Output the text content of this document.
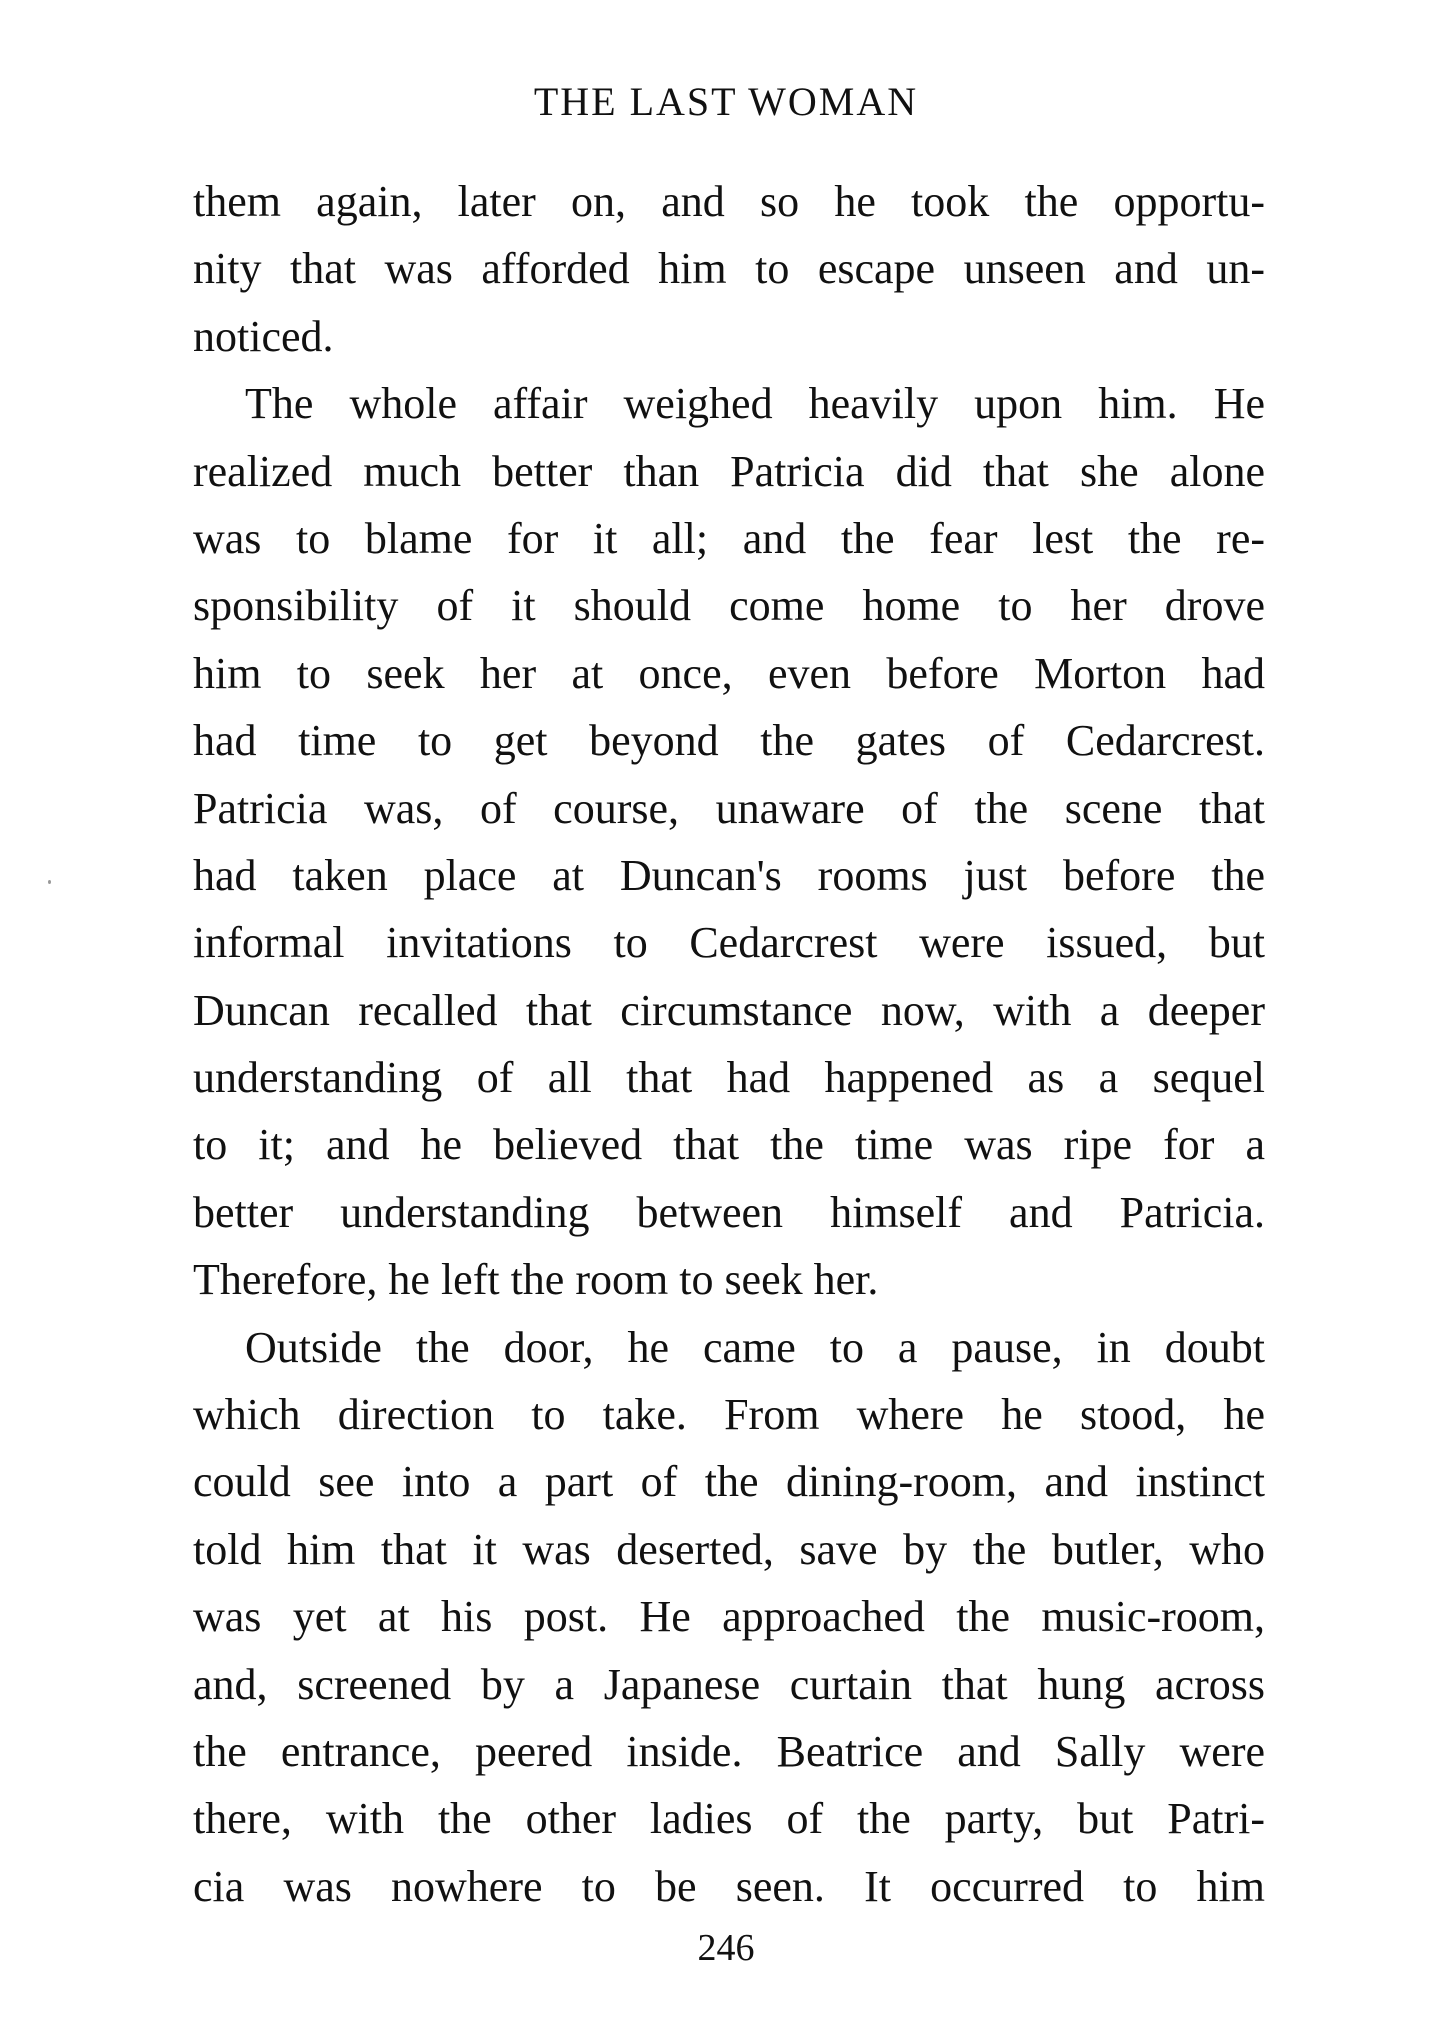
THE LAST WOMAN
them again, later on, and so he took the opportu-
nity that was afforded him to escape unseen and un-
noticed.
The whole affair weighed heavily upon him. He
realized much better than Patricia did that she alone
was to blame for it all; and the fear lest the re-
sponsibility of it should come home to her drove
him to seek her at once, even before Morton had
had time to get beyond the gates of Cedarcrest.
Patricia was, of course, unaware of the scene that
had taken place at Duncan's rooms just before the
informal invitations to Cedarcrest were issued, but
Duncan recalled that circumstance now, with a deeper
understanding of all that had happened as a sequel
to it; and he believed that the time was ripe for a
better understanding between himself and Patricia.
Therefore, he left the room to seek her.
Outside the door, he came to a pause, in doubt
which direction to take. From where he stood, he
could see into a part of the dining-room, and instinct
told him that it was deserted, save by the butler, who
was yet at his post. He approached the music-room,
and, screened by a Japanese curtain that hung across
the entrance, peered inside. Beatrice and Sally were
there, with the other ladies of the party, but Patri-
cia was nowhere to be seen. It occurred to him
246
